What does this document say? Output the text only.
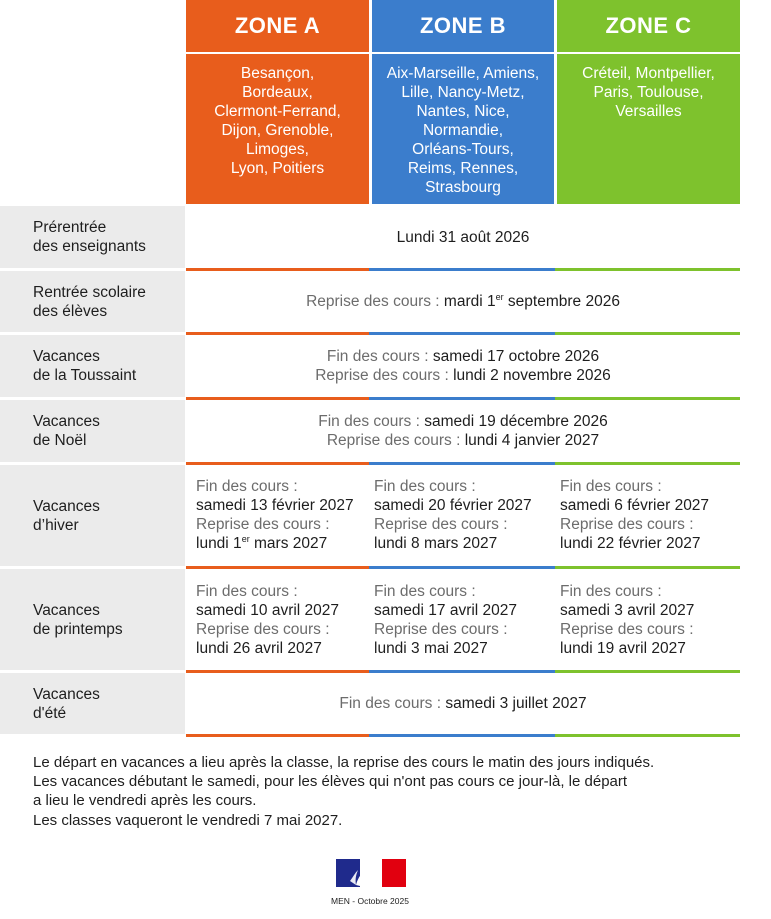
ZONE A	ZONE B	ZONE C
Besançon,
Bordeaux,
Clermont-Ferrand,
Dijon, Grenoble,
Limoges,
Lyon, Poitiers
Aix-Marseille, Amiens,
Lille, Nancy-Metz,
Nantes, Nice,
Normandie,
Orléans-Tours,
Reims, Rennes,
Strasbourg
Créteil, Montpellier,
Paris, Toulouse,
Versailles
Prérentrée
des enseignants
Lundi 31 août 2026
Rentrée scolaire
des élèves
Reprise des cours : mardi 1er septembre 2026
Vacances
de la Toussaint
Fin des cours : samedi 17 octobre 2026
Reprise des cours : lundi 2 novembre 2026
Vacances
de Noël
Fin des cours : samedi 19 décembre 2026
Reprise des cours : lundi 4 janvier 2027
Vacances
d’hiver
Fin des cours :
samedi 13 février 2027
Reprise des cours :
lundi 1er mars 2027
Fin des cours :
samedi 20 février 2027
Reprise des cours :
lundi 8 mars 2027
Fin des cours :
samedi 6 février 2027
Reprise des cours :
lundi 22 février 2027
Vacances
de printemps
Fin des cours :
samedi 10 avril 2027
Reprise des cours :
lundi 26 avril 2027
Fin des cours :
samedi 17 avril 2027
Reprise des cours :
lundi 3 mai 2027
Fin des cours :
samedi 3 avril 2027
Reprise des cours :
lundi 19 avril 2027
Vacances
d'été
Fin des cours : samedi 3 juillet 2027
Le départ en vacances a lieu après la classe, la reprise des cours le matin des jours indiqués.
Les vacances débutant le samedi, pour les élèves qui n'ont pas cours ce jour-là, le départ
a lieu le vendredi après les cours.
Les classes vaqueront le vendredi 7 mai 2027.
MEN - Octobre 2025
